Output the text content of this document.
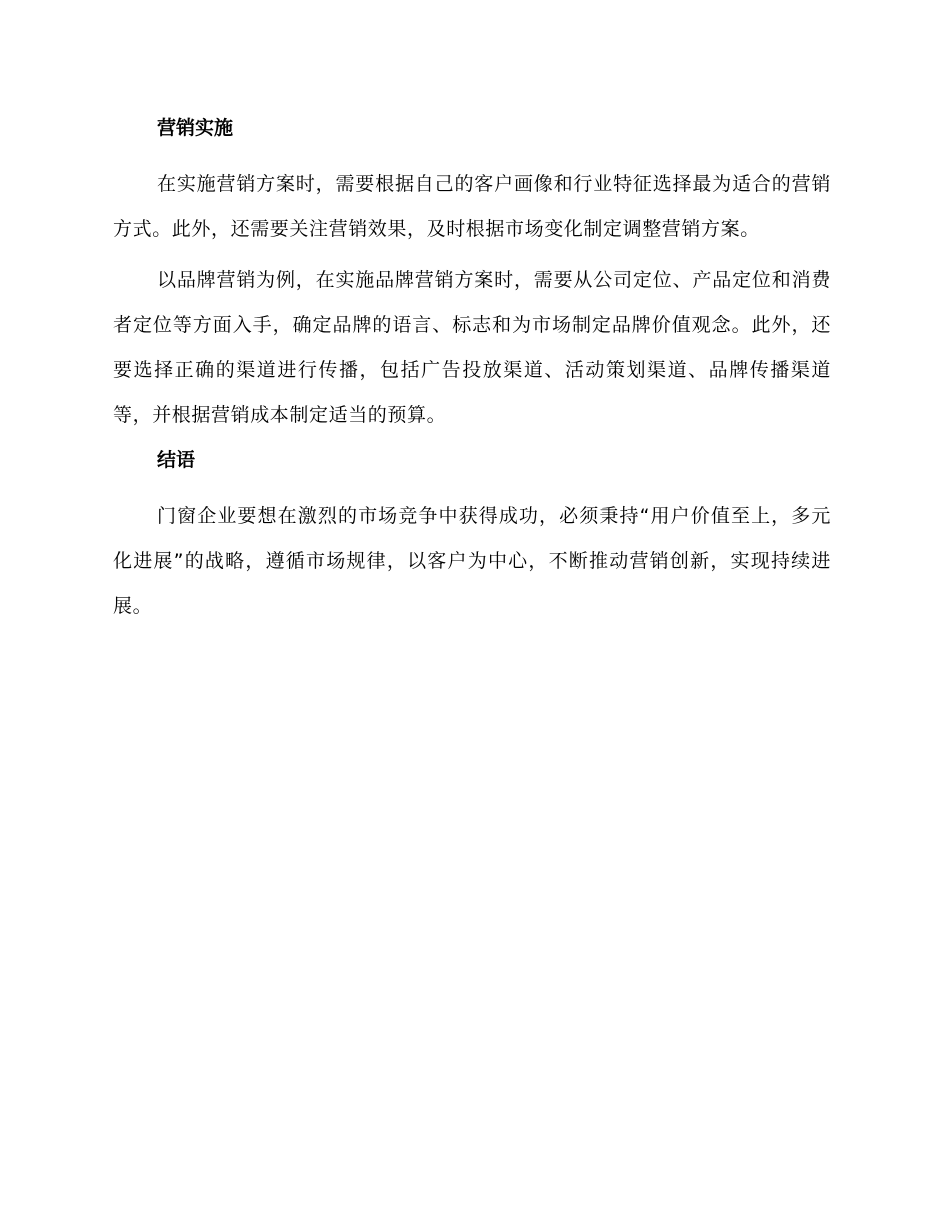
营销实施

在实施营销方案时，需要根据自己的客户画像和行业特征选择最为适合的营销方式。此外，还需要关注营销效果，及时根据市场变化制定调整营销方案。

以品牌营销为例，在实施品牌营销方案时，需要从公司定位、产品定位和消费者定位等方面入手，确定品牌的语言、标志和为市场制定品牌价值观念。此外，还要选择正确的渠道进行传播，包括广告投放渠道、活动策划渠道、品牌传播渠道等，并根据营销成本制定适当的预算。

结语

门窗企业要想在激烈的市场竞争中获得成功，必须秉持“用户价值至上，多元化进展”的战略，遵循市场规律，以客户为中心，不断推动营销创新，实现持续进展。
